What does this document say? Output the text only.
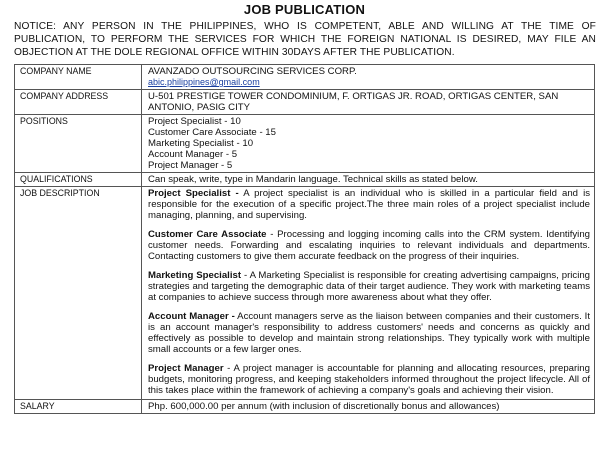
JOB PUBLICATION
NOTICE: ANY PERSON IN THE PHILIPPINES, WHO IS COMPETENT, ABLE AND WILLING AT THE TIME OF PUBLICATION, TO PERFORM THE SERVICES FOR WHICH THE FOREIGN NATIONAL IS DESIRED, MAY FILE AN OBJECTION AT THE DOLE REGIONAL OFFICE WITHIN 30DAYS AFTER THE PUBLICATION.
COMPANY NAME	AVANZADO OUTSOURCING SERVICES CORP.
abic.philippines@gmail.com

COMPANY ADDRESS	U-501 PRESTIGE TOWER CONDOMINIUM, F. ORTIGAS JR. ROAD, ORTIGAS CENTER, SAN ANTONIO, PASIG CITY
POSITIONS	Project Specialist - 10
Customer Care Associate - 15
Marketing Specialist - 10
Account Manager - 5
Project Manager - 5

QUALIFICATIONS	Can speak, write, type in Mandarin language. Technical skills as stated below.
JOB DESCRIPTION	Project Specialist - A project specialist is an individual who is skilled in a particular field and is responsible for the execution of a specific project.The three main roles of a project specialist include managing, planning, and supervising.

Customer Care Associate - Processing and logging incoming calls into the CRM system. Identifying customer needs. Forwarding and escalating inquiries to relevant individuals and departments. Contacting customers to give them accurate feedback on the progress of their inquiries.

Marketing Specialist - A Marketing Specialist is responsible for creating advertising campaigns, pricing strategies and targeting the demographic data of their target audience. They work with marketing teams at companies to achieve success through more awareness about what they offer.

Account Manager - Account managers serve as the liaison between companies and their customers. It is an account manager's responsibility to address customers' needs and concerns as quickly and effectively as possible to develop and maintain strong relationships. They typically work with multiple small accounts or a few larger ones.

Project Manager - A project manager is accountable for planning and allocating resources, preparing budgets, monitoring progress, and keeping stakeholders informed throughout the project lifecycle. All of this takes place within the framework of achieving a company's goals and achieving their vision.

SALARY	Php. 600,000.00 per annum (with inclusion of discretionally bonus and allowances)
